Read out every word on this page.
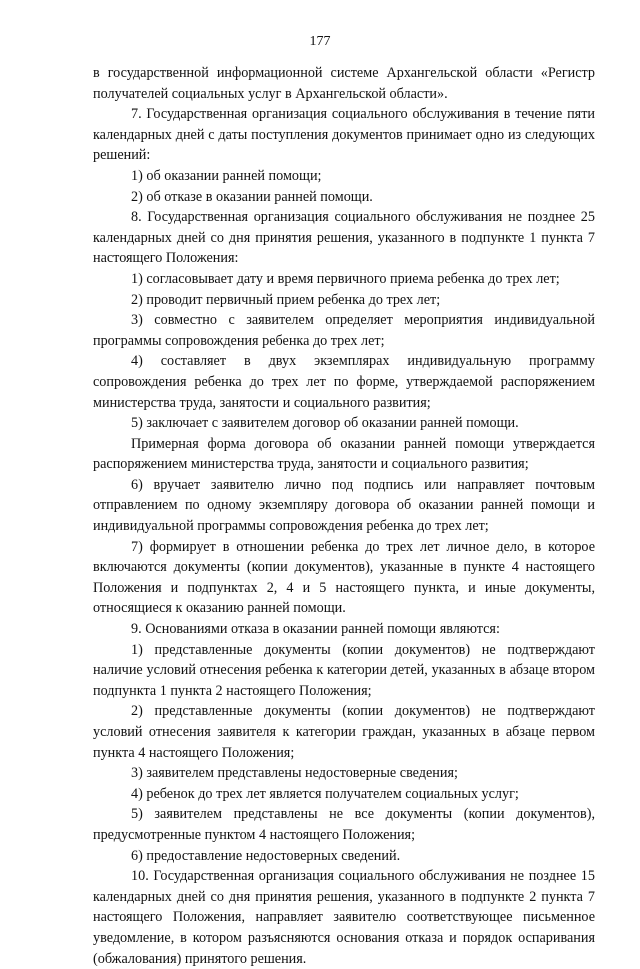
177

в государственной информационной системе Архангельской области «Регистр получателей социальных услуг в Архангельской области».

7. Государственная организация социального обслуживания в течение пяти календарных дней с даты поступления документов принимает одно из следующих решений:

1) об оказании ранней помощи;

2) об отказе в оказании ранней помощи.

8. Государственная организация социального обслуживания не позднее 25 календарных дней со дня принятия решения, указанного в подпункте 1 пункта 7 настоящего Положения:

1) согласовывает дату и время первичного приема ребенка до трех лет;

2) проводит первичный прием ребенка до трех лет;

3) совместно с заявителем определяет мероприятия индивидуальной программы сопровождения ребенка до трех лет;

4) составляет в двух экземплярах индивидуальную программу сопровождения ребенка до трех лет по форме, утверждаемой распоряжением министерства труда, занятости и социального развития;

5) заключает с заявителем договор об оказании ранней помощи.

Примерная форма договора об оказании ранней помощи утверждается распоряжением министерства труда, занятости и социального развития;

6) вручает заявителю лично под подпись или направляет почтовым отправлением по одному экземпляру договора об оказании ранней помощи и индивидуальной программы сопровождения ребенка до трех лет;

7) формирует в отношении ребенка до трех лет личное дело, в которое включаются документы (копии документов), указанные в пункте 4 настоящего Положения и подпунктах 2, 4 и 5 настоящего пункта, и иные документы, относящиеся к оказанию ранней помощи.

9. Основаниями отказа в оказании ранней помощи являются:

1) представленные документы (копии документов) не подтверждают наличие условий отнесения ребенка к категории детей, указанных в абзаце втором подпункта 1 пункта 2 настоящего Положения;

2) представленные документы (копии документов) не подтверждают условий отнесения заявителя к категории граждан, указанных в абзаце первом пункта 4 настоящего Положения;

3) заявителем представлены недостоверные сведения;

4) ребенок до трех лет является получателем социальных услуг;

5) заявителем представлены не все документы (копии документов), предусмотренные пунктом 4 настоящего Положения;

6) предоставление недостоверных сведений.

10. Государственная организация социального обслуживания не позднее 15 календарных дней со дня принятия решения, указанного в подпункте 2 пункта 7 настоящего Положения, направляет заявителю соответствующее письменное уведомление, в котором разъясняются основания отказа и порядок оспаривания (обжалования) принятого решения.
